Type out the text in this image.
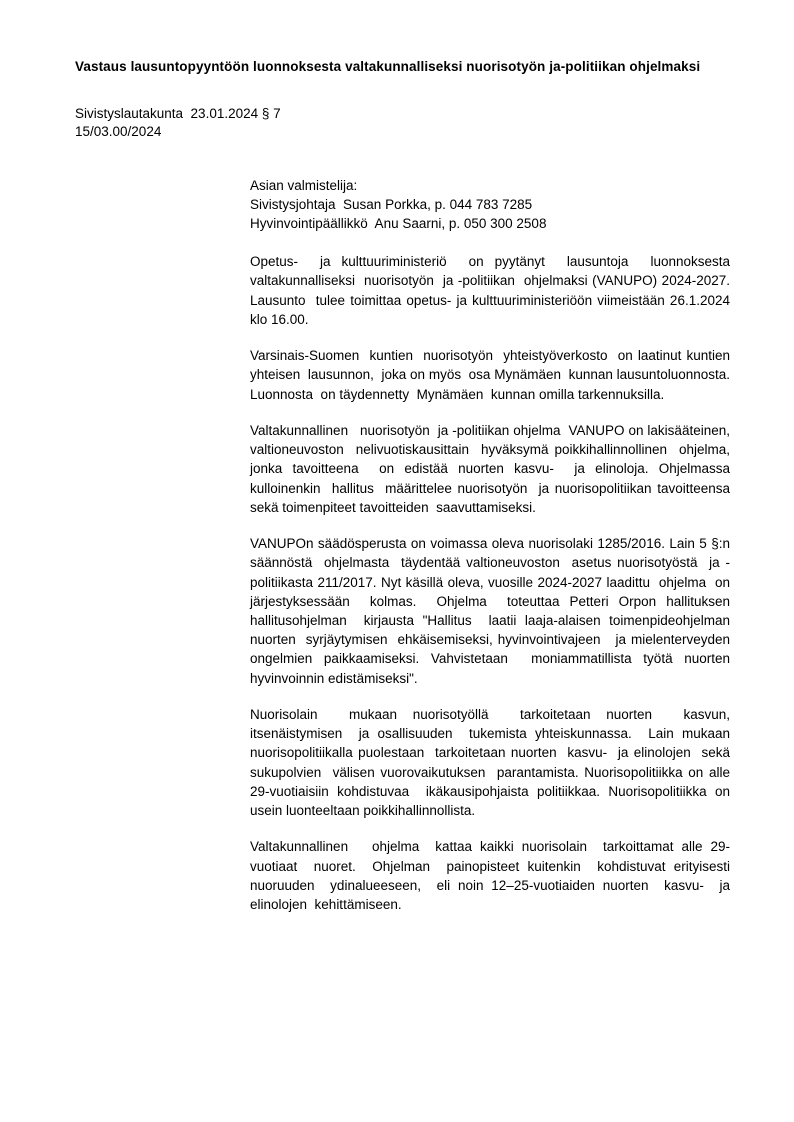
Vastaus lausuntopyyntöön luonnoksesta valtakunnalliseksi nuorisotyön ja-politiikan ohjelmaksi
Sivistyslautakunta  23.01.2024 § 7
15/03.00/2024
Asian valmistelija:
Sivistysjohtaja  Susan Porkka, p. 044 783 7285
Hyvinvointipäällikkö  Anu Saarni, p. 050 300 2508

Opetus-  ja kulttuuriministeriö  on pyytänyt  lausuntoja  luonnoksesta valtakunnalliseksi  nuorisotyön  ja -politiikan  ohjelmaksi (VANUPO) 2024-2027. Lausunto  tulee toimittaa opetus- ja kulttuuriministeriöön viimeistään 26.1.2024 klo 16.00.

Varsinais-Suomen  kuntien  nuorisotyön  yhteistyöverkosto  on laatinut kuntien  yhteisen  lausunnon,  joka on myös  osa Mynämäen  kunnan lausuntoluonnosta.   Luonnosta  on täydennetty  Mynämäen  kunnan omilla tarkennuksilla.

Valtakunnallinen   nuorisotyön  ja -politiikan ohjelma  VANUPO on lakisääteinen, valtioneuvoston  nelivuotiskausittain  hyväksymä poikkihallinnollinen  ohjelma, jonka tavoitteena  on edistää nuorten kasvu-  ja elinoloja. Ohjelmassa  kulloinenkin  hallitus  määrittelee nuorisotyön  ja nuorisopolitiikan tavoitteensa sekä toimenpiteet tavoitteiden  saavuttamiseksi.

VANUPOn säädösperusta on voimassa oleva nuorisolaki 1285/2016. Lain 5 §:n säännöstä  ohjelmasta  täydentää valtioneuvoston  asetus nuorisotyöstä  ja -politiikasta 211/2017. Nyt käsillä oleva, vuosille 2024-2027 laadittu  ohjelma  on järjestyksessään  kolmas.  Ohjelma  toteuttaa Petteri Orpon hallituksen  hallitusohjelman  kirjausta "Hallitus  laatii laaja-alaisen toimenpideohjelman  nuorten  syrjäytymisen  ehkäisemiseksi, hyvinvointivajeen   ja mielenterveyden  ongelmien paikkaamiseksi. Vahvistetaan  moniammatillista työtä nuorten  hyvinvoinnin edistämiseksi".

Nuorisolain  mukaan nuorisotyöllä  tarkoitetaan nuorten  kasvun, itsenäistymisen  ja osallisuuden  tukemista yhteiskunnassa.  Lain mukaan  nuorisopolitiikalla puolestaan  tarkoitetaan nuorten  kasvu-  ja elinolojen  sekä sukupolvien  välisen vuorovaikutuksen  parantamista. Nuorisopolitiikka on alle 29-vuotiaisiin kohdistuvaa  ikäkausipohjaista politiikkaa. Nuorisopolitiikka on usein luonteeltaan poikkihallinnollista.

Valtakunnallinen   ohjelma  kattaa kaikki nuorisolain  tarkoittamat alle 29-vuotiaat  nuoret.  Ohjelman  painopisteet kuitenkin  kohdistuvat erityisesti nuoruuden  ydinalueeseen,  eli noin 12–25-vuotiaiden nuorten  kasvu-  ja elinolojen  kehittämiseen.
